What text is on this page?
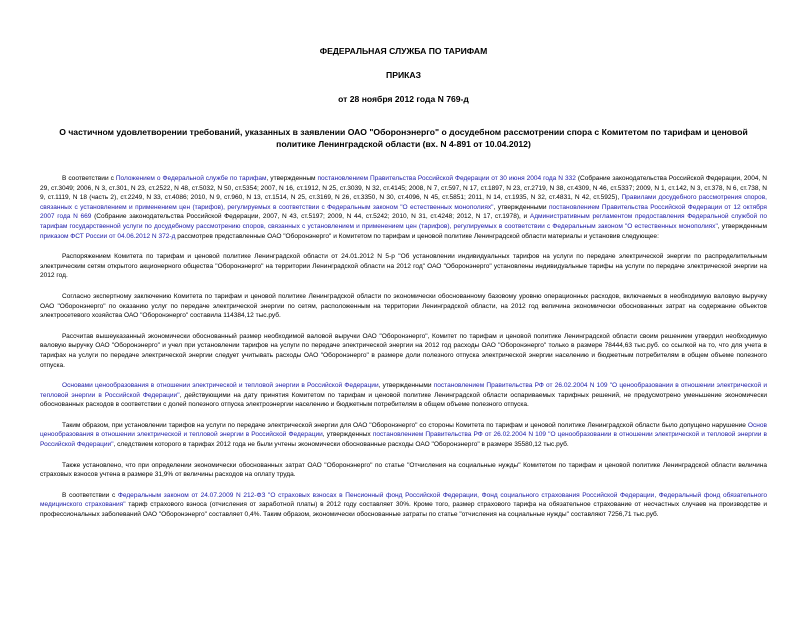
ФЕДЕРАЛЬНАЯ СЛУЖБА ПО ТАРИФАМ
ПРИКАЗ
от 28 ноября 2012 года N 769-д
О частичном удовлетворении требований, указанных в заявлении ОАО "Оборонэнерго" о досудебном рассмотрении спора с Комитетом по тарифам и ценовой политике Ленинградской области (вх. N 4-891 от 10.04.2012)

В соответствии с Положением о Федеральной службе по тарифам, утвержденным постановлением Правительства Российской Федерации от 30 июня 2004 года N 332 (Собрание законодательства Российской Федерации, 2004, N 29, ст.3049; 2006, N 3, ст.301, N 23, ст.2522, N 48, ст.5032, N 50, ст.5354; 2007, N 16, ст.1912, N 25, ст.3039, N 32, ст.4145; 2008, N 7, ст.597, N 17, ст.1897, N 23, ст.2719, N 38, ст.4309, N 46, ст.5337; 2009, N 1, ст.142, N 3, ст.378, N 6, ст.738, N 9, ст.1119, N 18 (часть 2), ст.2249, N 33, ст.4086; 2010, N 9, ст.960, N 13, ст.1514, N 25, ст.3169, N 26, ст.3350, N 30, ст.4096, N 45, ст.5851; 2011, N 14, ст.1935, N 32, ст.4831, N 42, ст.5925), Правилами досудебного рассмотрения споров, связанных с установлением и применением цен (тарифов), регулируемых в соответствии с Федеральным законом "О естественных монополиях", утвержденными постановлением Правительства Российской Федерации от 12 октября 2007 года N 669 (Собрание законодательства Российской Федерации, 2007, N 43, ст.5197; 2009, N 44, ст.5242; 2010, N 31, ст.4248; 2012, N 17, ст.1978), и Административным регламентом предоставления Федеральной службой по тарифам государственной услуги по досудебному рассмотрению споров, связанных с установлением и применением цен (тарифов), регулируемых в соответствии с Федеральным законом "О естественных монополиях", утвержденным приказом ФСТ России от 04.06.2012 N 372-д рассмотрев представленные ОАО "Оборонэнерго" и Комитетом по тарифам и ценовой политике Ленинградской области материалы и установив следующее:

Распоряжением Комитета по тарифам и ценовой политике Ленинградской области от 24.01.2012 N 5-р "Об установлении индивидуальных тарифов на услуги по передаче электрической энергии по распределительным электрическим сетям открытого акционерного общества "Оборонэнерго" на территории Ленинградской области на 2012 год" ОАО "Оборонэнерго" установлены индивидуальные тарифы на услуги по передаче электрической энергии на 2012 год.

Согласно экспертному заключению Комитета по тарифам и ценовой политике Ленинградской области по экономически обоснованному базовому уровню операционных расходов, включаемых в необходимую валовую выручку ОАО "Оборонэнерго" по оказанию услуг по передаче электрической энергии по сетям, расположенным на территории Ленинградской области, на 2012 год величина экономически обоснованных затрат на содержание объектов электросетевого хозяйства ОАО "Оборонэнерго" составила 114384,12 тыс.руб.

Рассчитав вышеуказанный экономически обоснованный размер необходимой валовой выручки ОАО "Оборонэнерго", Комитет по тарифам и ценовой политике Ленинградской области своим решением утвердил необходимую валовую выручку ОАО "Оборонэнерго" и учел при установлении тарифов на услуги по передаче электрической энергии на 2012 год расходы ОАО "Оборонэнерго" только в размере 78444,63 тыс.руб. со ссылкой на то, что для учета в тарифах на услуги по передаче электрической энергии следует учитывать расходы ОАО "Оборонэнерго" в размере доли полезного отпуска электрической энергии населению и бюджетным потребителям в общем объеме полезного отпуска.

Основами ценообразования в отношении электрической и тепловой энергии в Российской Федерации, утвержденными постановлением Правительства РФ от 26.02.2004 N 109 "О ценообразовании в отношении электрической и тепловой энергии в Российской Федерации", действующими на дату принятия Комитетом по тарифам и ценовой политике Ленинградской области оспариваемых тарифных решений, не предусмотрено уменьшение экономически обоснованных расходов в соответствии с долей полезного отпуска электроэнергии населению и бюджетным потребителям в общем объеме полезного отпуска.

Таким образом, при установлении тарифов на услуги по передаче электрической энергии для ОАО "Оборонэнерго" со стороны Комитета по тарифам и ценовой политике Ленинградской области было допущено нарушение Основ ценообразования в отношении электрической и тепловой энергии в Российской Федерации, утвержденных постановлением Правительства РФ от 26.02.2004 N 109 "О ценообразовании в отношении электрической и тепловой энергии в Российской Федерации", следствием которого в тарифах 2012 года не были учтены экономически обоснованные расходы ОАО "Оборонэнерго" в размере 35580,12 тыс.руб.

Также установлено, что при определении экономически обоснованных затрат ОАО "Оборонэнерго" по статье "Отчисления на социальные нужды" Комитетом по тарифам и ценовой политике Ленинградской области величина страховых взносов учтена в размере 31,9% от величины расходов на оплату труда.

В соответствии с Федеральным законом от 24.07.2009 N 212-ФЗ "О страховых взносах в Пенсионный фонд Российской Федерации, Фонд социального страхования Российской Федерации, Федеральный фонд обязательного медицинского страхования" тариф страхового взноса (отчисления от заработной платы) в 2012 году составляет 30%. Кроме того, размер страхового тарифа на обязательное страхование от несчастных случаев на производстве и профессиональных заболеваний ОАО "Оборонэнерго" составляет 0,4%. Таким образом, экономически обоснованные затраты по статье "отчисления на социальные нужды" составляют 7256,71 тыс.руб.
